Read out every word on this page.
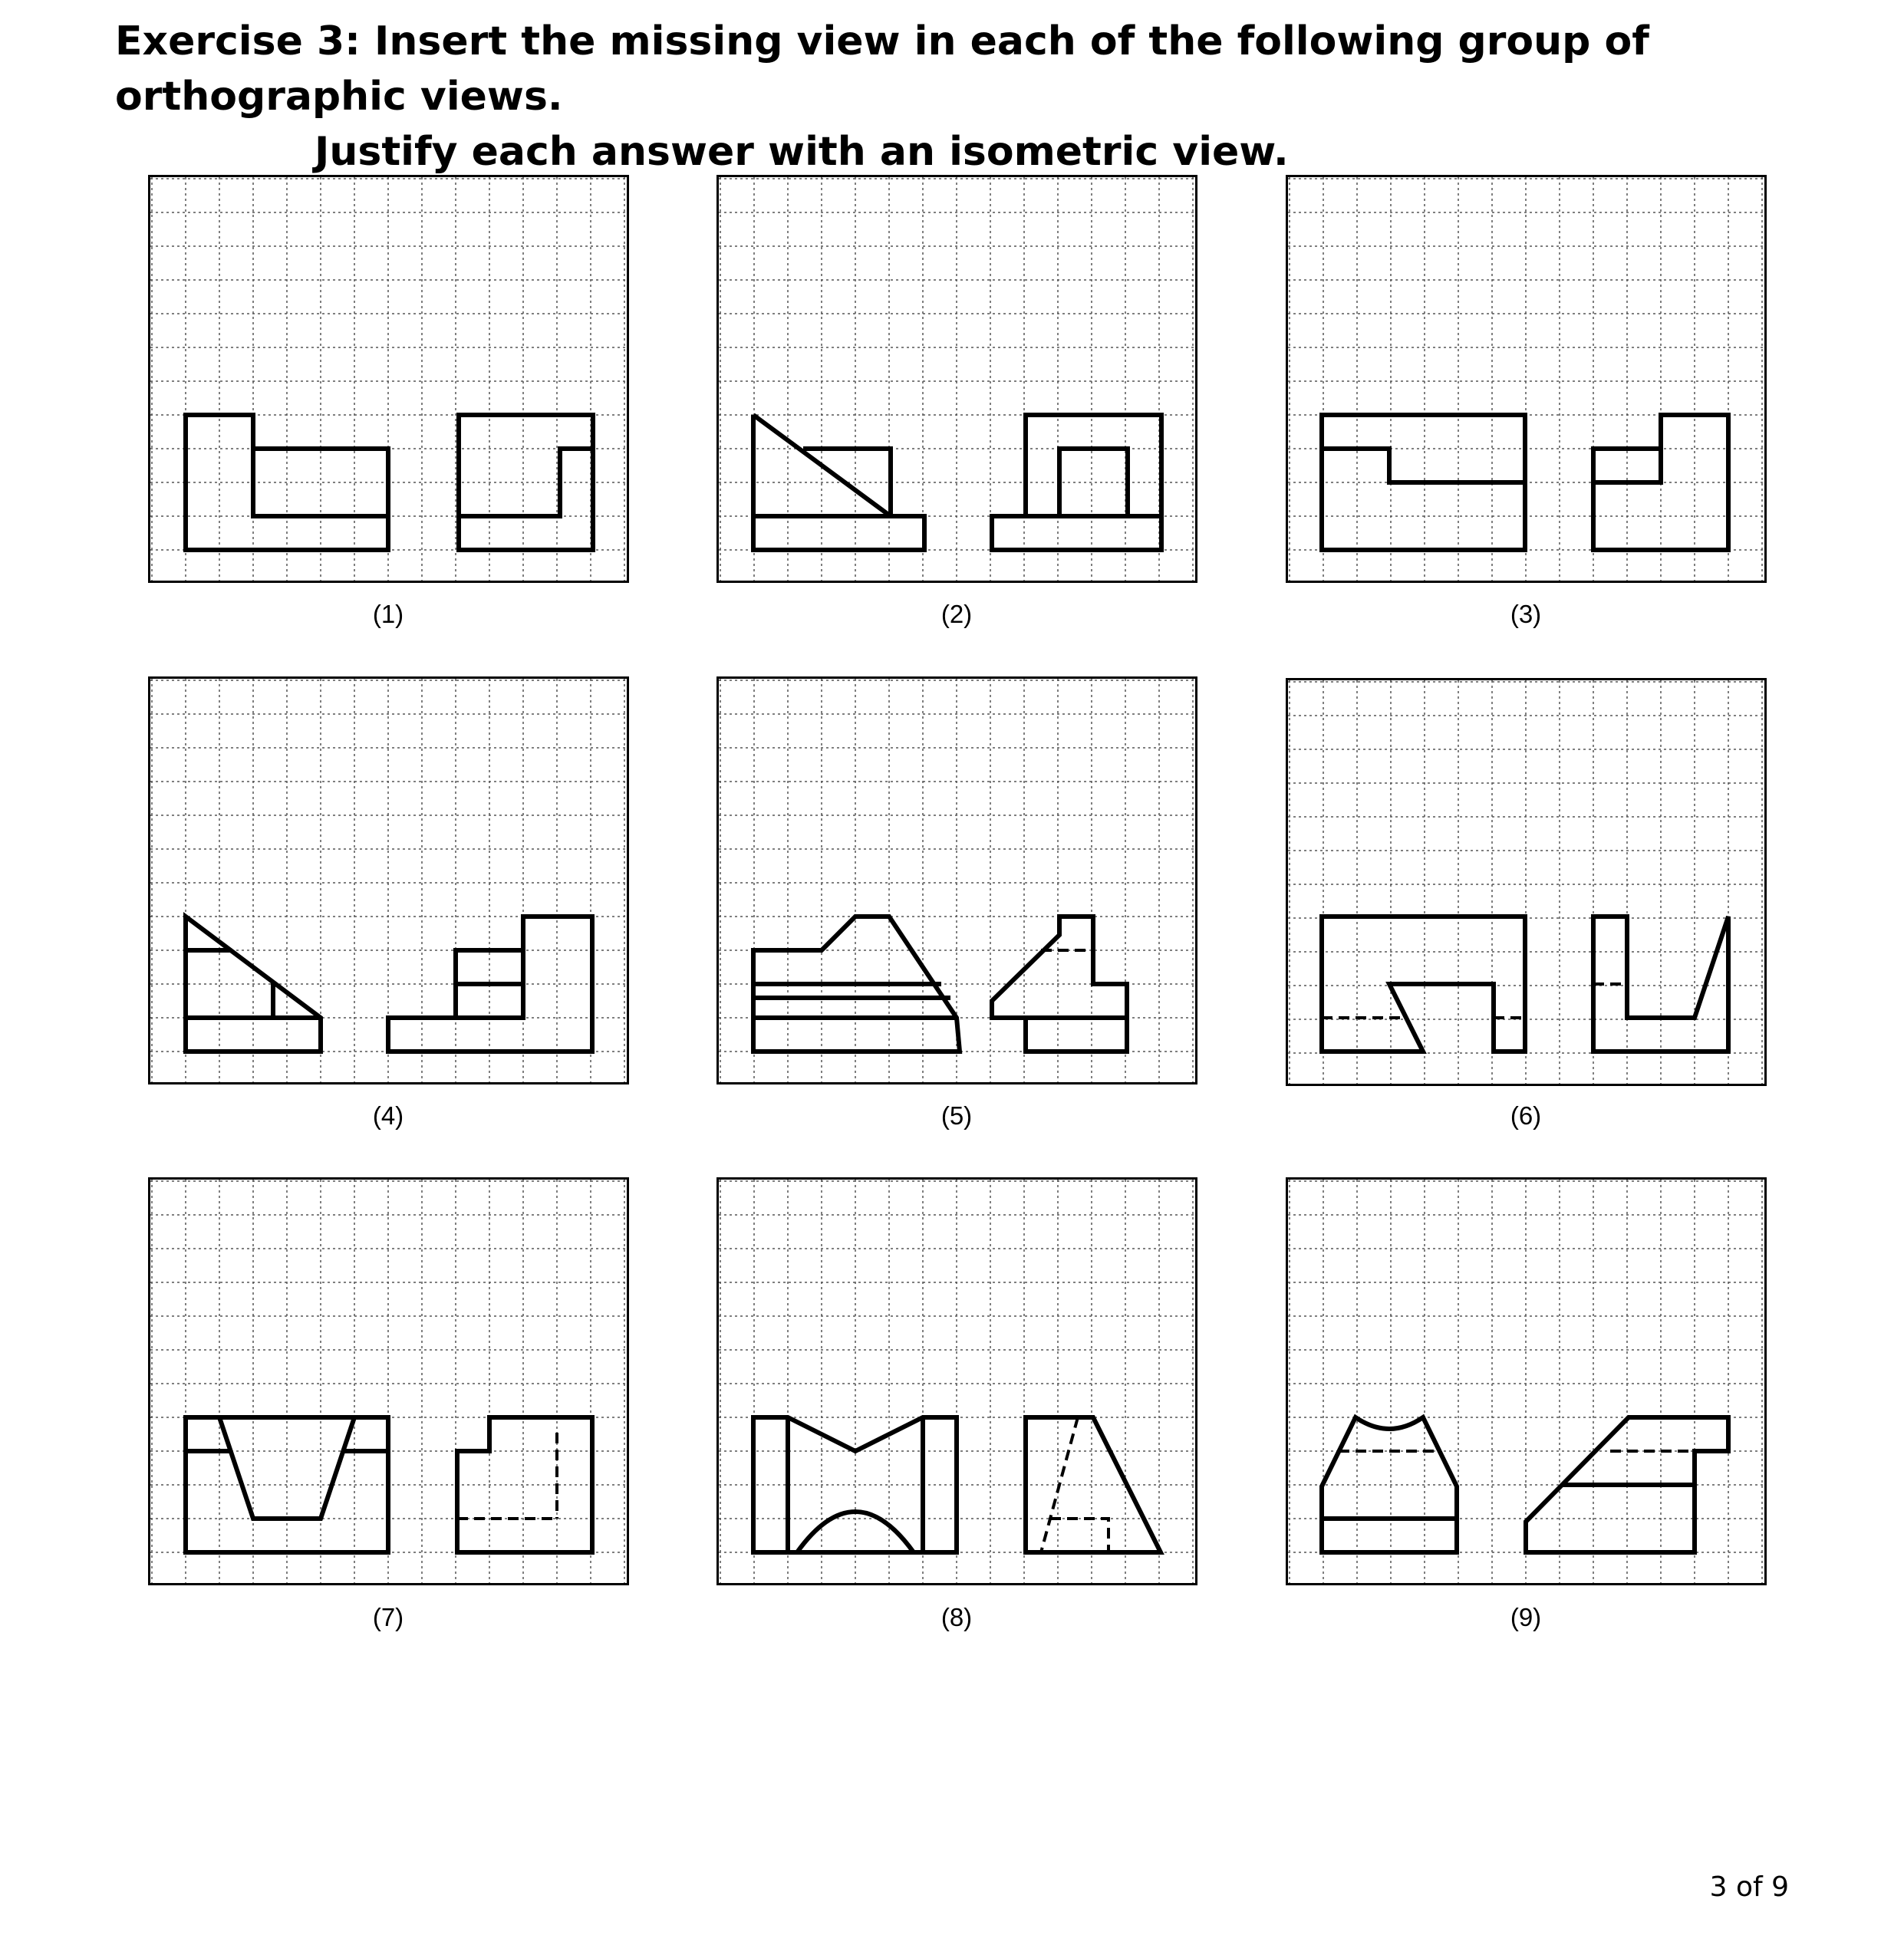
Exercise 3: Insert the missing view in each of the following group of orthographic views.
Justify each answer with an isometric view.
(1)	(2)	(3)
(4)	(5)	(6)
(7)	(8)	(9)
3 of 9
